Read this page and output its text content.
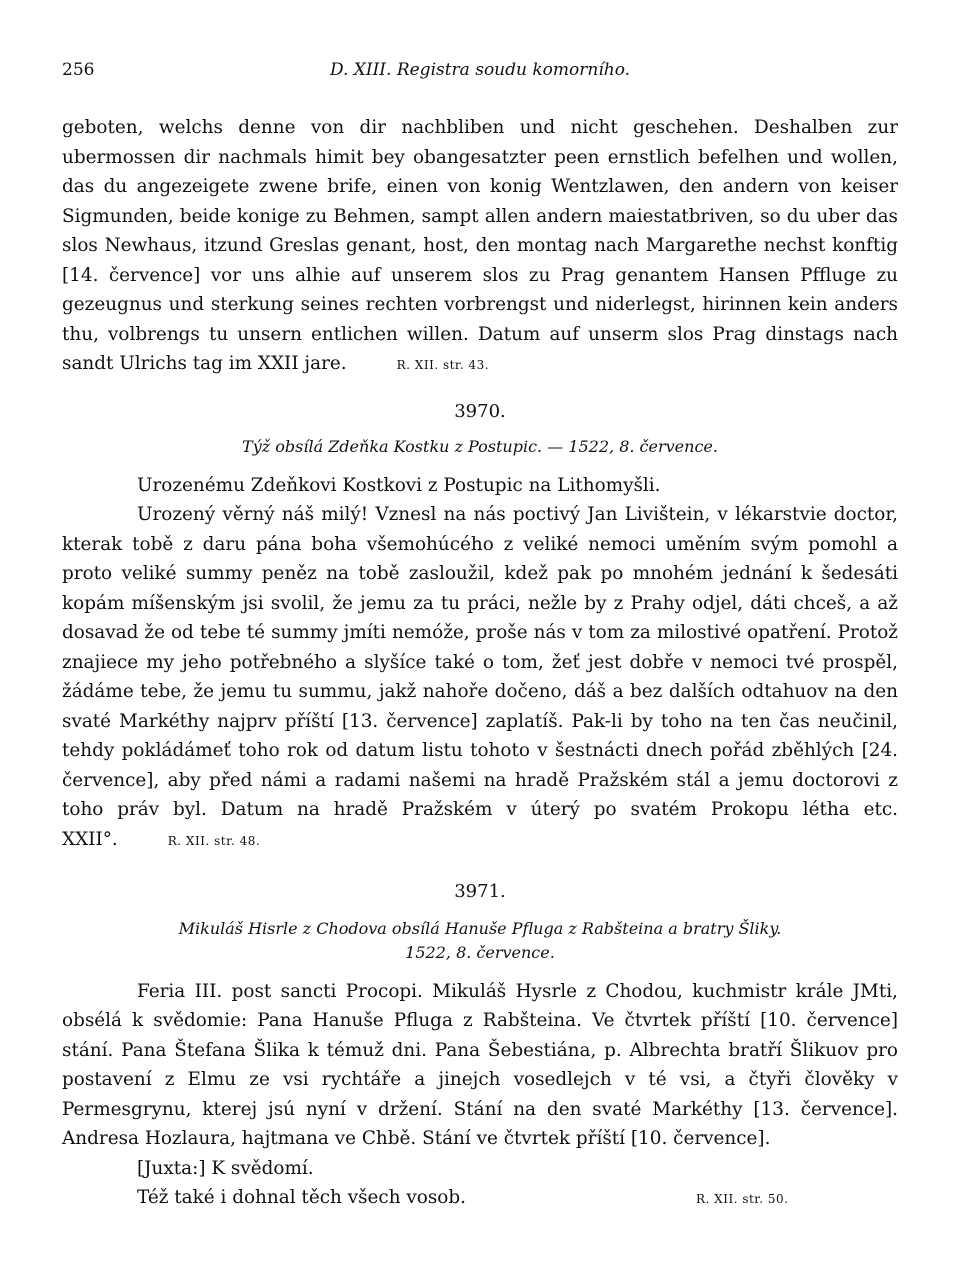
256	D. XIII. Registra soudu komorního.

geboten, welchs denne von dir nachbliben und nicht geschehen. Deshalben zur ubermossen dir nachmals himit bey obangesatzter peen ernstlich befelhen und wollen, das du angezeigete zwene brife, einen von konig Wentzlawen, den andern von keiser Sigmunden, beide konige zu Behmen, sampt allen andern maiestatbriven, so du uber das slos Newhaus, itzund Greslas genant, host, den montag nach Margarethe nechst konftig [14. července] vor uns alhie auf unserem slos zu Prag genantem Hansen Pffluge zu gezeugnus und sterkung seines rechten vorbrengst und niderlegst, hirinnen kein anders thu, volbrengs tu unsern entlichen willen. Datum auf unserm slos Prag dinstags nach sandt Ulrichs tag im XXII jare.	R. XII. str. 43.

3970.

Týž obsílá Zdeňka Kostku z Postupic. — 1522, 8. července.

Urozenému Zdeňkovi Kostkovi z Postupic na Lithomyšli.

Urozený věrný náš milý! Vznesl na nás poctivý Jan Livištein, v lékarstvie doctor, kterak tobě z daru pána boha všemohúcého z veliké nemoci uměním svým pomohl a proto veliké summy peněz na tobě zasloužil, kdež pak po mnohém jednání k šedesáti kopám míšenským jsi svolil, že jemu za tu práci, nežle by z Prahy odjel, dáti chceš, a až dosavad že od tebe té summy jmíti nemóže, proše nás v tom za milostivé opatření. Protož znajiece my jeho potřebného a slyšíce také o tom, žeť jest dobře v nemoci tvé prospěl, žádáme tebe, že jemu tu summu, jakž nahoře dočeno, dáš a bez dalších odtahuov na den svaté Markéthy najprv příští [13. července] zaplatíš. Pak-li by toho na ten čas neučinil, tehdy pokládámeť toho rok od datum listu tohoto v šestnácti dnech pořád zběhlých [24. července], aby před námi a radami našemi na hradě Pražském stál a jemu doctorovi z toho práv byl. Datum na hradě Pražském v úterý po svatém Prokopu létha etc. XXII°.	R. XII. str. 48.

3971.

Mikuláš Hisrle z Chodova obsílá Hanuše Pfluga z Rabšteina a bratry Šliky.

1522, 8. července.

Feria III. post sancti Procopi. Mikuláš Hysrle z Chodou, kuchmistr krále JMti, obsélá k svědomie: Pana Hanuše Pfluga z Rabšteina. Ve čtvrtek příští [10. července] stání. Pana Štefana Šlika k témuž dni. Pana Šebestiána, p. Albrechta bratří Šlikuov pro postavení z Elmu ze vsi rychtáře a jinejch vosedlejch v té vsi, a čtyři člověky v Permesgrynu, kterej jsú nyní v držení. Stání na den svaté Markéthy [13. července]. Andresa Hozlaura, hajtmana ve Chbě. Stání ve čtvrtek příští [10. července].

[Juxta:] K svědomí.

Též také i dohnal těch všech vosob.	R. XII. str. 50.
